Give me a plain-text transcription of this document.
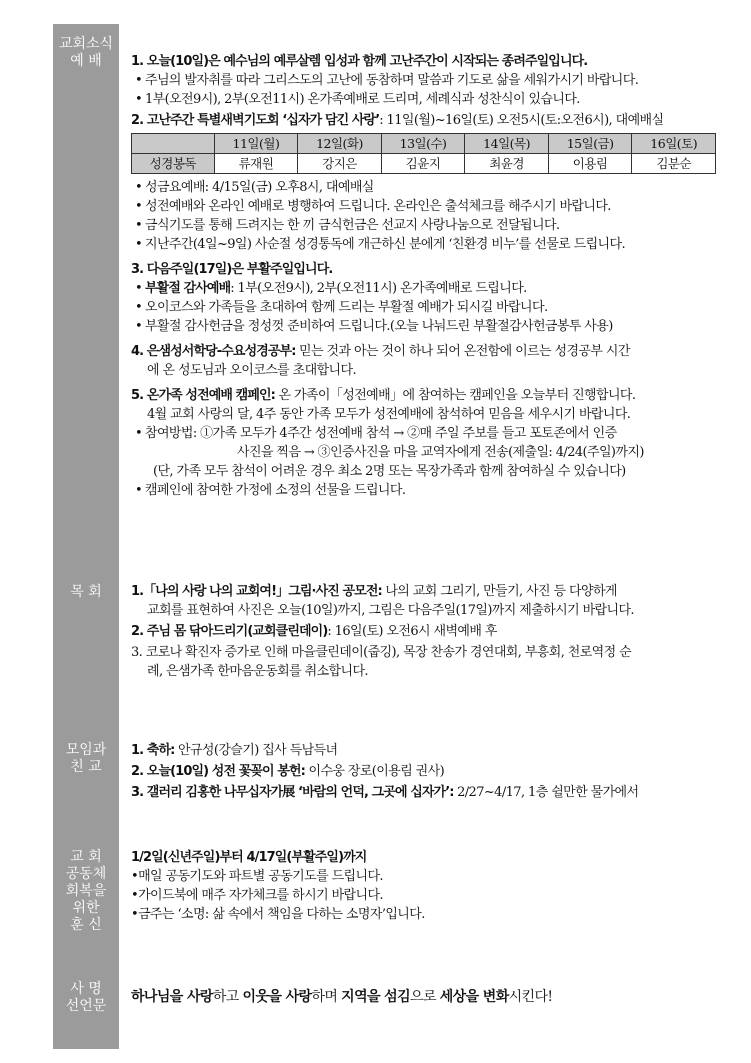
교회소식
예 배
목 회
모임과
친 교
교 회
공동체
회복을
위한
훈 신
사 명
선언문
1. 오늘(10일)은 예수님의 예루살렘 입성과 함께 고난주간이 시작되는 종려주일입니다.
• 주님의 발자취를 따라 그리스도의 고난에 동참하며 말씀과 기도로 삶을 세워가시기 바랍니다.
• 1부(오전9시), 2부(오전11시) 온가족예배로 드리며, 세례식과 성찬식이 있습니다.
2. 고난주간 특별새벽기도회 ‘십자가 담긴 사랑’: 11일(월)~16일(토) 오전5시(토:오전6시), 대예배실
	11일(월)	12일(화)	13일(수)	14일(목)	15일(금)	16일(토)
성경봉독	류재원	강지은	김윤지	최윤경	이용림	김분순
• 성금요예배: 4/15일(금) 오후8시, 대예배실
• 성전예배와 온라인 예배로 병행하여 드립니다. 온라인은 출석체크를 해주시기 바랍니다.
• 금식기도를 통해 드려지는 한 끼 금식헌금은 선교지 사랑나눔으로 전달됩니다.
• 지난주간(4일~9일) 사순절 성경통독에 개근하신 분에게 ‘친환경 비누’를 선물로 드립니다.
3. 다음주일(17일)은 부활주일입니다.
• 부활절 감사예배: 1부(오전9시), 2부(오전11시) 온가족예배로 드립니다.
• 오이코스와 가족들을 초대하여 함께 드리는 부활절 예배가 되시길 바랍니다.
• 부활절 감사헌금을 정성껏 준비하여 드립니다.(오늘 나눠드린 부활절감사헌금봉투 사용)
4. 은샘성서학당-수요성경공부: 믿는 것과 아는 것이 하나 되어 온전함에 이르는 성경공부 시간
에 온 성도님과 오이코스를 초대합니다.
5. 온가족 성전예배 캠페인: 온 가족이「성전예배」에 참여하는 캠페인을 오늘부터 진행합니다.
4월 교회 사랑의 달, 4주 동안 가족 모두가 성전예배에 참석하여 믿음을 세우시기 바랍니다.
• 참여방법: ①가족 모두가 4주간 성전예배 참석 → ②매 주일 주보를 들고 포토존에서 인증
사진을 찍음 → ③인증사진을 마을 교역자에게 전송(제출일: 4/24(주일)까지)
(단, 가족 모두 참석이 어려운 경우 최소 2명 또는 목장가족과 함께 참여하실 수 있습니다)
• 캠페인에 참여한 가정에 소정의 선물을 드립니다.
1.「나의 사랑 나의 교회여!」그림·사진 공모전: 나의 교회 그리기, 만들기, 사진 등 다양하게
교회를 표현하여 사진은 오늘(10일)까지, 그림은 다음주일(17일)까지 제출하시기 바랍니다.
2. 주님 몸 닦아드리기(교회클린데이): 16일(토) 오전6시 새벽예배 후
3. 코로나 확진자 증가로 인해 마을클린데이(줍깅), 목장 찬송가 경연대회, 부흥회, 천로역정 순
례, 은샘가족 한마음운동회를 취소합니다.
1. 축하: 안규성(강슬기) 집사 득남득녀
2. 오늘(10일) 성전 꽃꽂이 봉헌: 이수웅 장로(이용림 권사)
3. 갤러리 김홍한 나무십자가展 ‘바람의 언덕, 그곳에 십자가’: 2/27~4/17, 1층 쉴만한 물가에서
1/2일(신년주일)부터 4/17일(부활주일)까지
•매일 공동기도와 파트별 공동기도를 드립니다.
•가이드북에 매주 자가체크를 하시기 바랍니다.
•금주는 ‘소명: 삶 속에서 책임을 다하는 소명자’입니다.
하나님을 사랑하고 이웃을 사랑하며 지역을 섬김으로 세상을 변화시킨다!
